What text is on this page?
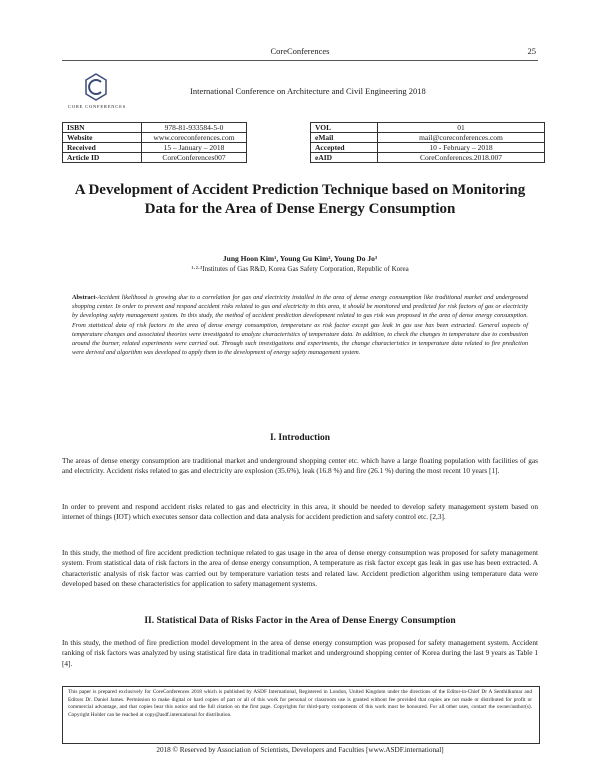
CoreConferences	25
CORE CONFERENCES
International Conference on Architecture and Civil Engineering 2018
ISBN	978-81-933584-5-0
Website	www.coreconferences.com
Received	15 – January – 2018
Article ID	CoreConferences007
VOL	01
eMail	mail@coreconferences.com
Accepted	10 - February – 2018
eAID	CoreConferences.2018.007
A Development of Accident Prediction Technique based on Monitoring Data for the Area of Dense Energy Consumption
Jung Hoon Kim¹, Young Gu Kim², Young Do Jo³
¹·²·³Institutes of Gas R&D, Korea Gas Safety Corporation, Republic of Korea
Abstract-Accident likelihood is growing due to a correlation for gas and electricity installed in the area of dense energy consumption like traditional market and underground shopping center. In order to prevent and respond accident risks related to gas and electricity in this area, it should be monitored and predicted for risk factors of gas or electricity by developing safety management system. In this study, the method of accident prediction development related to gas risk was proposed in the area of dense energy consumption. From statistical data of risk factors in the area of dense energy consumption, temperature as risk factor except gas leak in gas use has been extracted. General aspects of temperature changes and associated theories were investigated to analyze characteristics of temperature data. In addition, to check the changes in temperature due to combustion around the burner, related experiments were carried out. Through such investigations and experiments, the change characteristics in temperature data related to fire prediction were derived and algorithm was developed to apply them to the development of energy safety management system.
I. Introduction
The areas of dense energy consumption are traditional market and underground shopping center etc. which have a large floating population with facilities of gas and electricity. Accident risks related to gas and electricity are explosion (35.6%), leak (16.8 %) and fire (26.1 %) during the most recent 10 years [1].
In order to prevent and respond accident risks related to gas and electricity in this area, it should be needed to develop safety management system based on internet of things (IOT) which executes sensor data collection and data analysis for accident prediction and safety control etc. [2,3].
In this study, the method of fire accident prediction technique related to gas usage in the area of dense energy consumption was proposed for safety management system. From statistical data of risk factors in the area of dense energy consumption, A temperature as risk factor except gas leak in gas use has been extracted. A characteristic analysis of risk factor was carried out by temperature variation tests and related law. Accident prediction algorithm using temperature data were developed based on these characteristics for application to safety management systems.
II. Statistical Data of Risks Factor in the Area of Dense Energy Consumption
In this study, the method of fire prediction model development in the area of dense energy consumption was proposed for safety management system. Accident ranking of risk factors was analyzed by using statistical fire data in traditional market and underground shopping center of Korea during the last 9 years as Table 1 [4].
This paper is prepared exclusively for CoreConferences 2018 which is published by ASDF International, Registered in London, United Kingdom under the directions of the Editor-in-Chief Dr A Senthilkumar and Editors Dr. Daniel James. Permission to make digital or hard copies of part or all of this work for personal or classroom use is granted without fee provided that copies are not made or distributed for profit or commercial advantage, and that copies bear this notice and the full citation on the first page. Copyrights for third-party components of this work must be honoured. For all other uses, contact the owner/author(s). Copyright Holder can be reached at copy@asdf.international for distribution.
2018 © Reserved by Association of Scientists, Developers and Faculties [www.ASDF.international]
